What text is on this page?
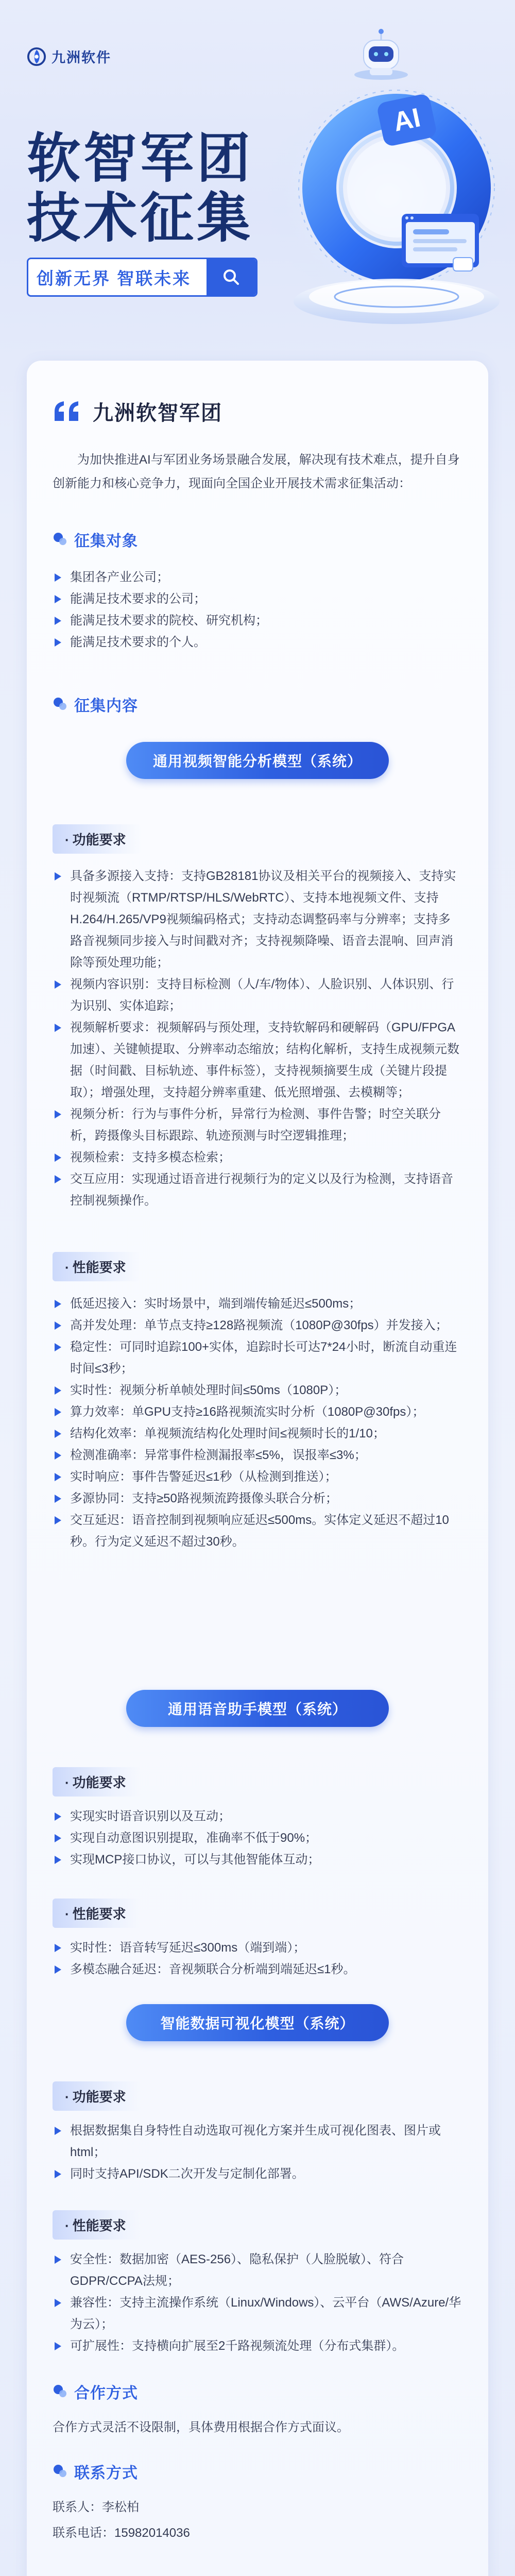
九洲软件
软智军团
技术征集
创新无界 智联未来
AI
九洲软智军团

为加快推进AI与军团业务场景融合发展，解决现有技术难点，提升自身创新能力和核心竞争力，现面向全国企业开展技术需求征集活动：

征集对象
集团各产业公司；
能满足技术要求的公司；
能满足技术要求的院校、研究机构；
能满足技术要求的个人。
征集内容
通用视频智能分析模型（系统）
· 功能要求
具备多源接入支持：支持GB28181协议及相关平台的视频接入、支持实时视频流（RTMP/RTSP/HLS/WebRTC）、支持本地视频文件、支持H.264/H.265/VP9视频编码格式；支持动态调整码率与分辨率；支持多路音视频同步接入与时间戳对齐；支持视频降噪、语音去混响、回声消除等预处理功能；
视频内容识别：支持目标检测（人/车/物体）、人脸识别、人体识别、行为识别、实体追踪；
视频解析要求：视频解码与预处理，支持软解码和硬解码（GPU/FPGA加速）、关键帧提取、分辨率动态缩放；结构化解析，支持生成视频元数据（时间戳、目标轨迹、事件标签），支持视频摘要生成（关键片段提取）；增强处理，支持超分辨率重建、低光照增强、去模糊等；
视频分析：行为与事件分析，异常行为检测、事件告警；时空关联分析，跨摄像头目标跟踪、轨迹预测与时空逻辑推理；
视频检索：支持多模态检索；
交互应用：实现通过语音进行视频行为的定义以及行为检测，支持语音控制视频操作。
· 性能要求
低延迟接入：实时场景中，端到端传输延迟≤500ms；
高并发处理：单节点支持≥128路视频流（1080P@30fps）并发接入；
稳定性：可同时追踪100+实体，追踪时长可达7*24小时，断流自动重连时间≤3秒；
实时性：视频分析单帧处理时间≤50ms（1080P）；
算力效率：单GPU支持≥16路视频流实时分析（1080P@30fps）；
结构化效率：单视频流结构化处理时间≤视频时长的1/10；
检测准确率：异常事件检测漏报率≤5%，误报率≤3%；
实时响应：事件告警延迟≤1秒（从检测到推送）；
多源协同：支持≥50路视频流跨摄像头联合分析；
交互延迟：语音控制到视频响应延迟≤500ms。实体定义延迟不超过10秒。行为定义延迟不超过30秒。
通用语音助手模型（系统）
· 功能要求
实现实时语音识别以及互动；
实现自动意图识别提取，准确率不低于90%；
实现MCP接口协议，可以与其他智能体互动；
· 性能要求
实时性：语音转写延迟≤300ms（端到端）；
多模态融合延迟：音视频联合分析端到端延迟≤1秒。
智能数据可视化模型（系统）
· 功能要求
根据数据集自身特性自动选取可视化方案并生成可视化图表、图片或html；
同时支持API/SDK二次开发与定制化部署。
· 性能要求
安全性：数据加密（AES-256）、隐私保护（人脸脱敏）、符合GDPR/CCPA法规；
兼容性：支持主流操作系统（Linux/Windows）、云平台（AWS/Azure/华为云）；
可扩展性：支持横向扩展至2千路视频流处理（分布式集群）。
合作方式

合作方式灵活不设限制，具体费用根据合作方式面议。

联系方式

联系人：李松柏

联系电话：15982014036
